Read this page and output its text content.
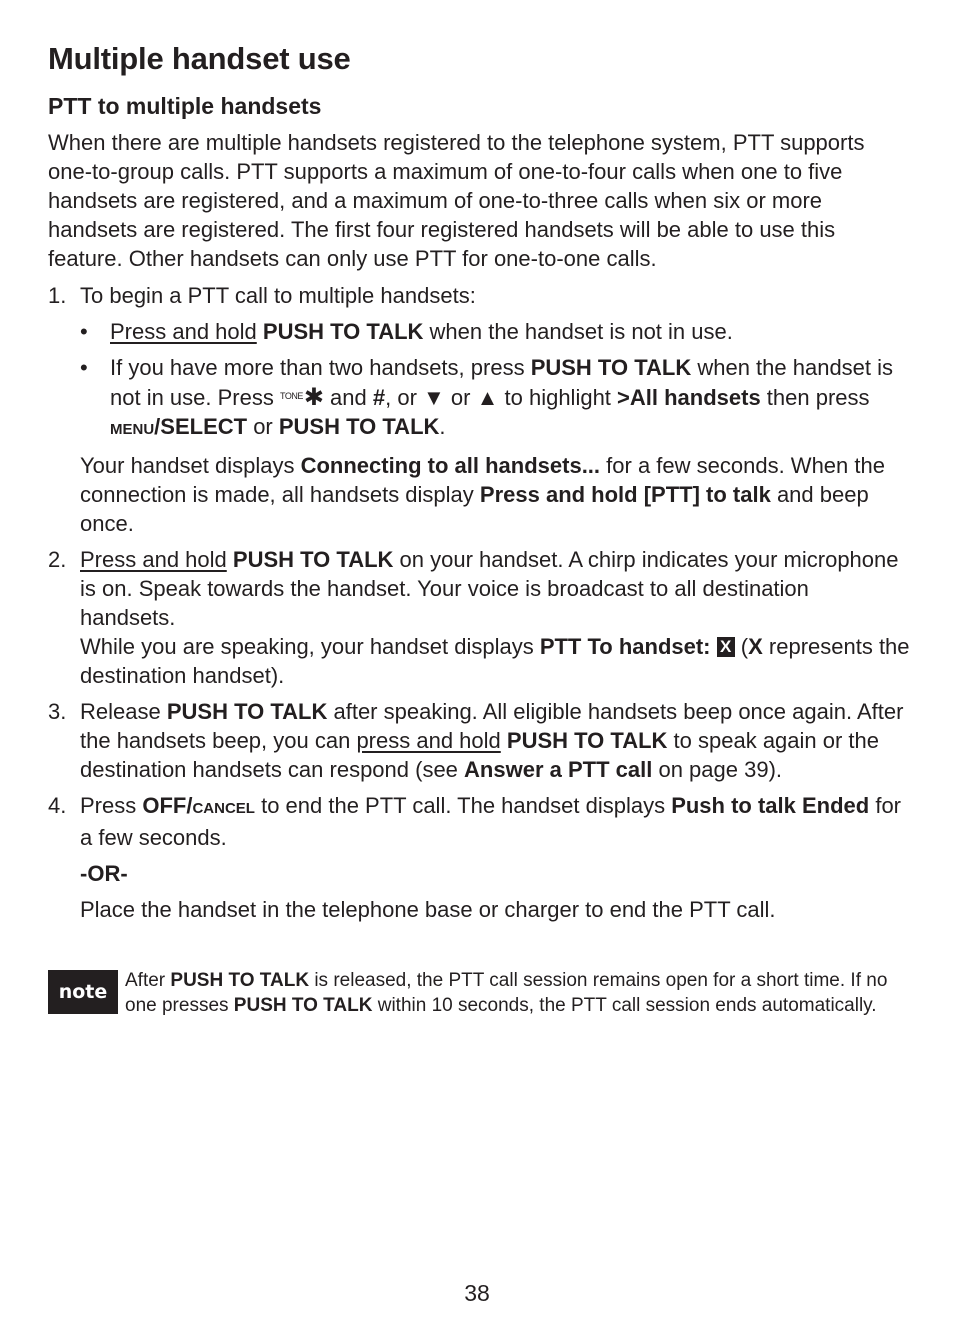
Multiple handset use
PTT to multiple handsets

When there are multiple handsets registered to the telephone system, PTT supports one-to-group calls. PTT supports a maximum of one-to-four calls when one to five handsets are registered, and a maximum of one-to-three calls when six or more handsets are registered. The first four registered handsets will be able to use this feature. Other handsets can only use PTT for one-to-one calls.

1. To begin a PTT call to multiple handsets:
• Press and hold PUSH TO TALK when the handset is not in use.
• If you have more than two handsets, press PUSH TO TALK when the handset is not in use. Press TONE✱ and #, or ▼ or ▲ to highlight >All handsets then press MENU/SELECT or PUSH TO TALK.
Your handset displays Connecting to all handsets... for a few seconds. When the connection is made, all handsets display Press and hold [PTT] to talk and beep once.
2. Press and hold PUSH TO TALK on your handset. A chirp indicates your microphone is on. Speak towards the handset. Your voice is broadcast to all destination handsets.
While you are speaking, your handset displays PTT To handset: X (X represents the destination handset).
3. Release PUSH TO TALK after speaking. All eligible handsets beep once again. After the handsets beep, you can press and hold PUSH TO TALK to speak again or the destination handsets can respond (see Answer a PTT call on page 39).
4. Press OFF/CANCEL to end the PTT call. The handset displays Push to talk Ended for a few seconds.
-OR-
Place the handset in the telephone base or charger to end the PTT call.
note
After PUSH TO TALK is released, the PTT call session remains open for a short time. If no one presses PUSH TO TALK within 10 seconds, the PTT call session ends automatically.
38
